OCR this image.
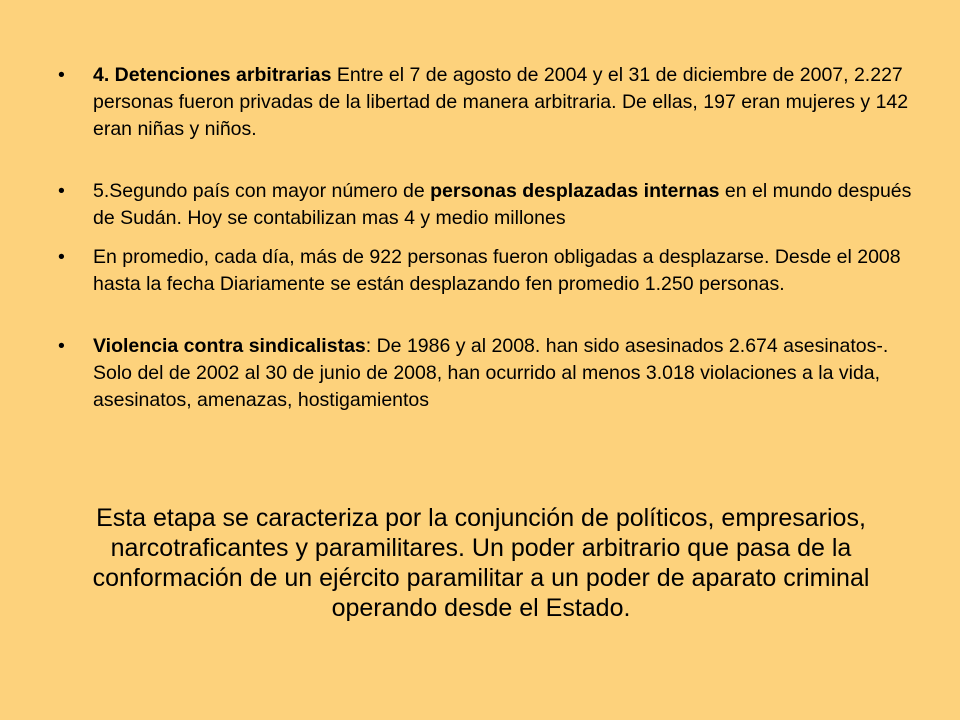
• 4. Detenciones arbitrarias Entre el 7 de agosto de 2004 y el 31 de diciembre de 2007, 2.227 personas fueron privadas de la libertad de manera arbitraria. De ellas, 197 eran mujeres y 142 eran niñas y niños.
• 5.Segundo país con mayor número de personas desplazadas internas en el mundo después de Sudán. Hoy se contabilizan mas 4 y medio millones
• En promedio, cada día, más de 922 personas fueron obligadas a desplazarse. Desde el 2008 hasta la fecha Diariamente se están desplazando fen promedio 1.250 personas.
• Violencia contra sindicalistas: De 1986 y al 2008. han sido asesinados 2.674 asesinatos-. Solo del de 2002 al 30 de junio de 2008, han ocurrido al menos 3.018 violaciones a la vida, asesinatos, amenazas, hostigamientos

Esta etapa se caracteriza por la conjunción de políticos, empresarios, narcotraficantes y paramilitares. Un poder arbitrario que pasa de la conformación de un ejército paramilitar a un poder de aparato criminal operando desde el Estado.
